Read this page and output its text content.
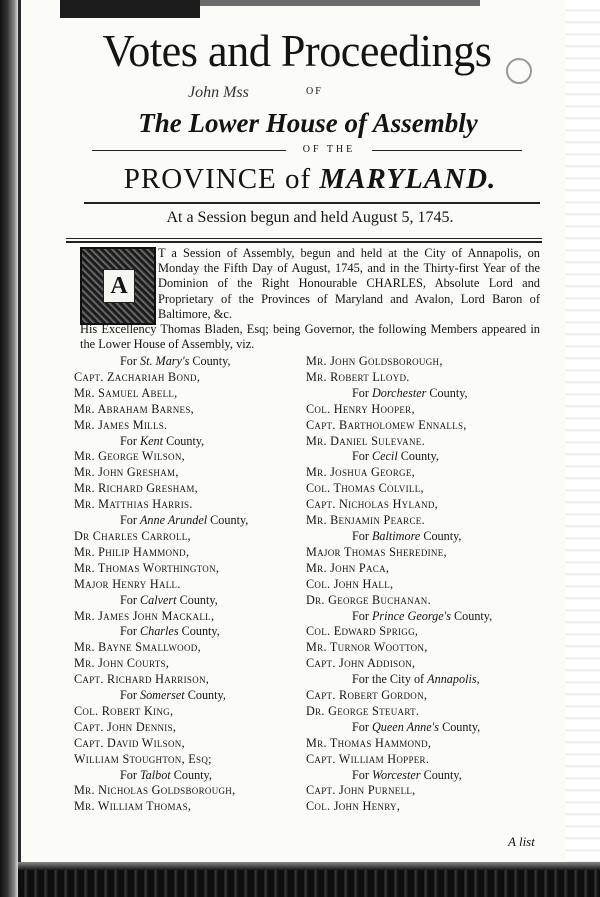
Votes and Proceedings
John Mss	OF
The Lower House of Assembly
OF THE
PROVINCE of MARYLAND.
At a Session begun and held August 5, 1745.
A
T a Session of Assembly, begun and held at the City of Annapolis, on Monday the Fifth Day of August, 1745, and in the Thirty-first Year of the Dominion of the Right Honourable CHARLES, Absolute Lord and Proprietary of the Provinces of Maryland and Avalon, Lord Baron of Baltimore, &c.
His Excellency Thomas Bladen, Esq; being Governor, the following Members appeared in the Lower House of Assembly, viz.
For St. Mary's County,
Capt. Zachariah Bond,
Mr. Samuel Abell,
Mr. Abraham Barnes,
Mr. James Mills.
For Kent County,
Mr. George Wilson,
Mr. John Gresham,
Mr. Richard Gresham,
Mr. Matthias Harris.
For Anne Arundel County,
Dr Charles Carroll,
Mr. Philip Hammond,
Mr. Thomas Worthington,
Major Henry Hall.
For Calvert County,
Mr. James John Mackall,
For Charles County,
Mr. Bayne Smallwood,
Mr. John Courts,
Capt. Richard Harrison,
For Somerset County,
Col. Robert King,
Capt. John Dennis,
Capt. David Wilson,
William Stoughton, Esq;
For Talbot County,
Mr. Nicholas Goldsborough,
Mr. William Thomas,
Mr. John Goldsborough,
Mr. Robert Lloyd.
For Dorchester County,
Col. Henry Hooper,
Capt. Bartholomew Ennalls,
Mr. Daniel Sulevane.
For Cecil County,
Mr. Joshua George,
Col. Thomas Colvill,
Capt. Nicholas Hyland,
Mr. Benjamin Pearce.
For Baltimore County,
Major Thomas Sheredine,
Mr. John Paca,
Col. John Hall,
Dr. George Buchanan.
For Prince George's County,
Col. Edward Sprigg,
Mr. Turnor Wootton,
Capt. John Addison,
For the City of Annapolis,
Capt. Robert Gordon,
Dr. George Steuart.
For Queen Anne's County,
Mr. Thomas Hammond,
Capt. William Hopper.
For Worcester County,
Capt. John Purnell,
Col. John Henry,
A list
